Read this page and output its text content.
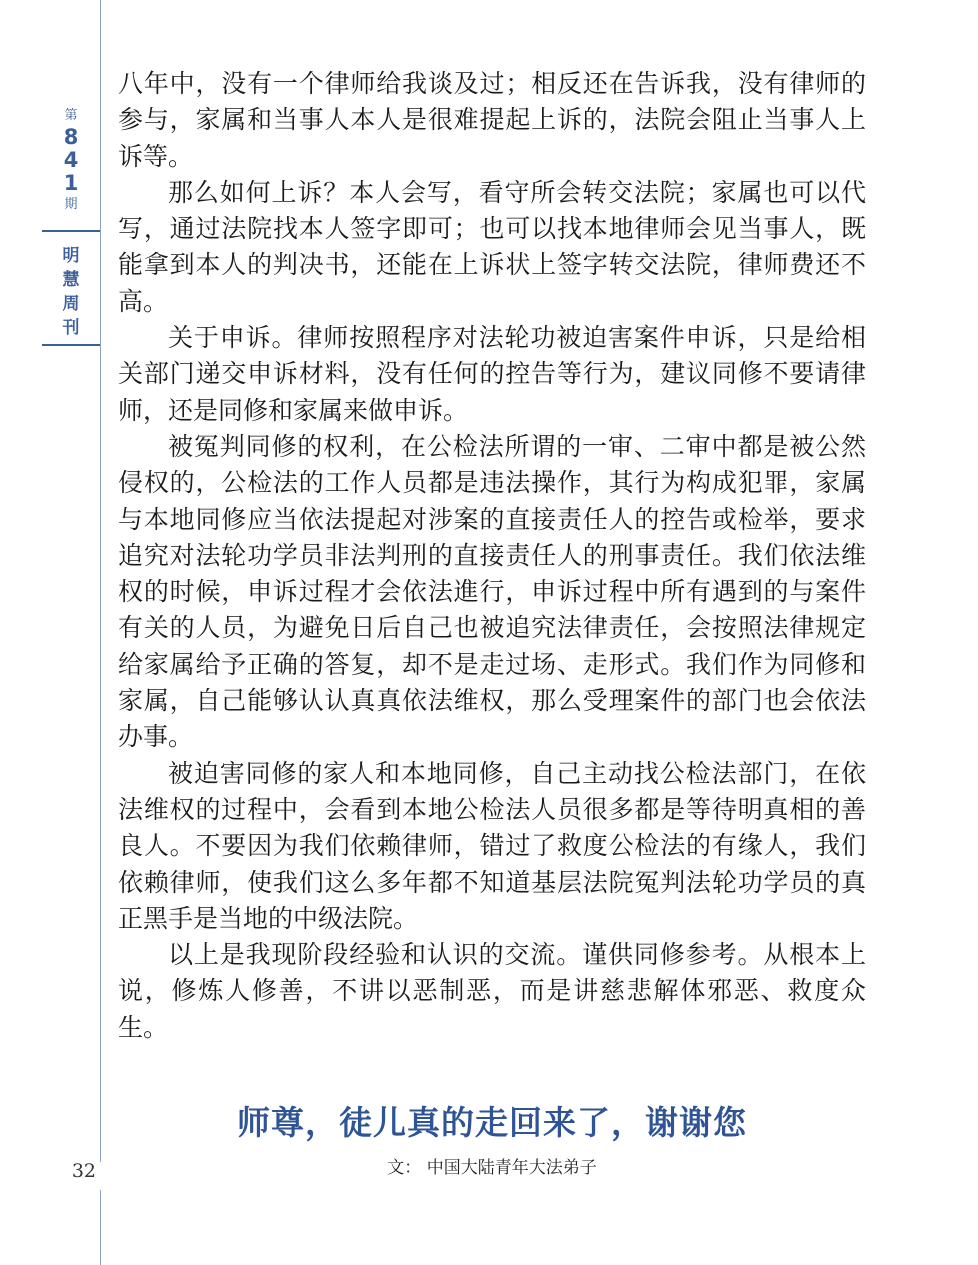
第
8
4
1
期
明
慧
周
刊

八年中，没有一个律师给我谈及过；相反还在告诉我，没有律师的参与，家属和当事人本人是很难提起上诉的，法院会阻止当事人上诉等。

那么如何上诉？本人会写，看守所会转交法院；家属也可以代写，通过法院找本人签字即可；也可以找本地律师会见当事人，既能拿到本人的判决书，还能在上诉状上签字转交法院，律师费还不高。

关于申诉。律师按照程序对法轮功被迫害案件申诉，只是给相关部门递交申诉材料，没有任何的控告等行为，建议同修不要请律师，还是同修和家属来做申诉。

被冤判同修的权利，在公检法所谓的一审、二审中都是被公然侵权的，公检法的工作人员都是违法操作，其行为构成犯罪，家属与本地同修应当依法提起对涉案的直接责任人的控告或检举，要求追究对法轮功学员非法判刑的直接责任人的刑事责任。我们依法维权的时候，申诉过程才会依法進行，申诉过程中所有遇到的与案件有关的人员，为避免日后自己也被追究法律责任，会按照法律规定给家属给予正确的答复，却不是走过场、走形式。我们作为同修和家属，自己能够认认真真依法维权，那么受理案件的部门也会依法办事。

被迫害同修的家人和本地同修，自己主动找公检法部门，在依法维权的过程中，会看到本地公检法人员很多都是等待明真相的善良人。不要因为我们依赖律师，错过了救度公检法的有缘人，我们依赖律师，使我们这么多年都不知道基层法院冤判法轮功学员的真正黑手是当地的中级法院。

以上是我现阶段经验和认识的交流。谨供同修参考。从根本上说，修炼人修善，不讲以恶制恶，而是讲慈悲解体邪恶、救度众生。

师尊，徒儿真的走回来了，谢谢您
文： 中国大陆青年大法弟子
32
